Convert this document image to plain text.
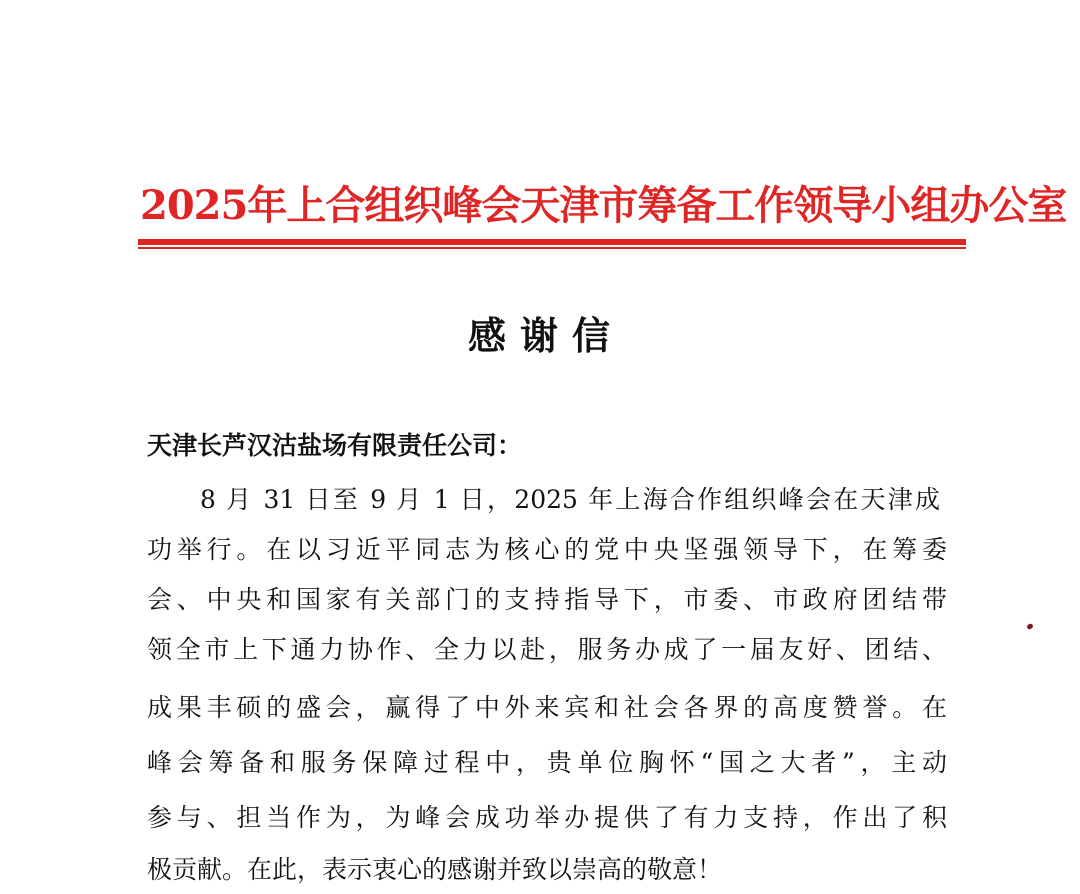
2025年上合组织峰会天津市筹备工作领导小组办公室
感谢信
天津长芦汉沽盐场有限责任公司：
8 月 31 日至 9 月 1 日，2025 年上海合作组织峰会在天津成
功举行。在以习近平同志为核心的党中央坚强领导下，在筹委
会、中央和国家有关部门的支持指导下，市委、市政府团结带
领全市上下通力协作、全力以赴，服务办成了一届友好、团结、
成果丰硕的盛会，赢得了中外来宾和社会各界的高度赞誉。在
峰会筹备和服务保障过程中，贵单位胸怀“国之大者”，主动
参与、担当作为，为峰会成功举办提供了有力支持，作出了积
极贡献。在此，表示衷心的感谢并致以崇高的敬意！
